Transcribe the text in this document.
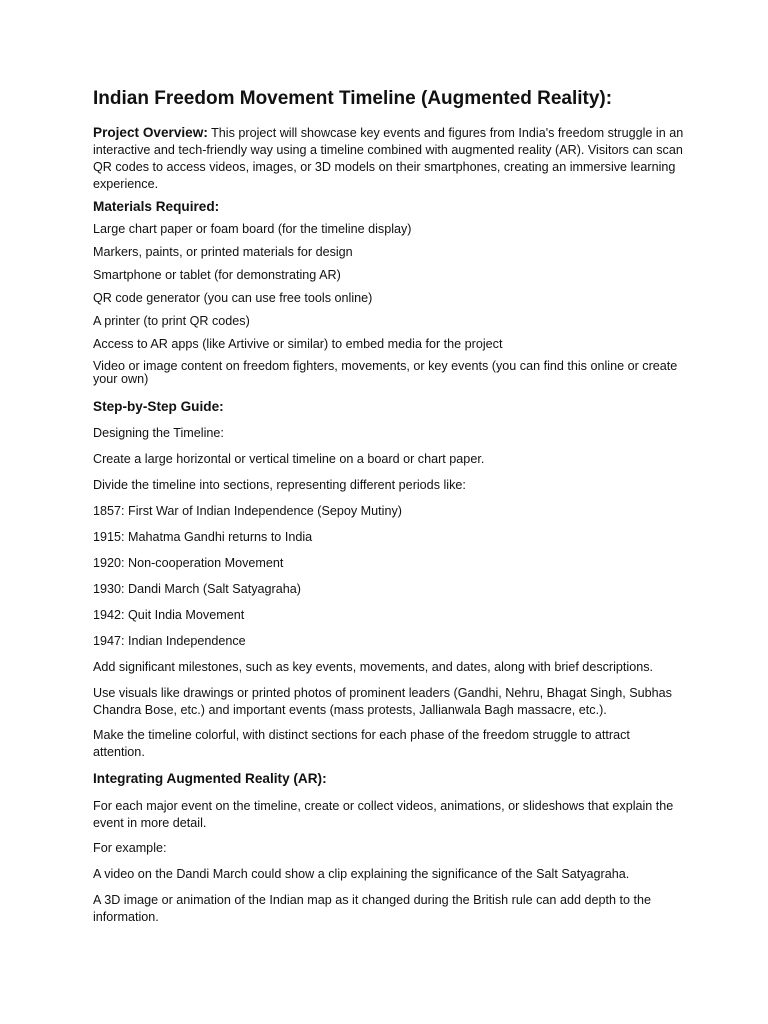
Indian Freedom Movement Timeline (Augmented Reality):

Project Overview: This project will showcase key events and figures from India's freedom struggle in an interactive and tech-friendly way using a timeline combined with augmented reality (AR). Visitors can scan QR codes to access videos, images, or 3D models on their smartphones, creating an immersive learning experience.

Materials Required:

Large chart paper or foam board (for the timeline display)

Markers, paints, or printed materials for design

Smartphone or tablet (for demonstrating AR)

QR code generator (you can use free tools online)

A printer (to print QR codes)

Access to AR apps (like Artivive or similar) to embed media for the project

Video or image content on freedom fighters, movements, or key events (you can find this online or create your own)

Step-by-Step Guide:

Designing the Timeline:

Create a large horizontal or vertical timeline on a board or chart paper.

Divide the timeline into sections, representing different periods like:

1857: First War of Indian Independence (Sepoy Mutiny)

1915: Mahatma Gandhi returns to India

1920: Non-cooperation Movement

1930: Dandi March (Salt Satyagraha)

1942: Quit India Movement

1947: Indian Independence

Add significant milestones, such as key events, movements, and dates, along with brief descriptions.

Use visuals like drawings or printed photos of prominent leaders (Gandhi, Nehru, Bhagat Singh, Subhas Chandra Bose, etc.) and important events (mass protests, Jallianwala Bagh massacre, etc.).

Make the timeline colorful, with distinct sections for each phase of the freedom struggle to attract attention.

Integrating Augmented Reality (AR):

For each major event on the timeline, create or collect videos, animations, or slideshows that explain the event in more detail.

For example:

A video on the Dandi March could show a clip explaining the significance of the Salt Satyagraha.

A 3D image or animation of the Indian map as it changed during the British rule can add depth to the information.
